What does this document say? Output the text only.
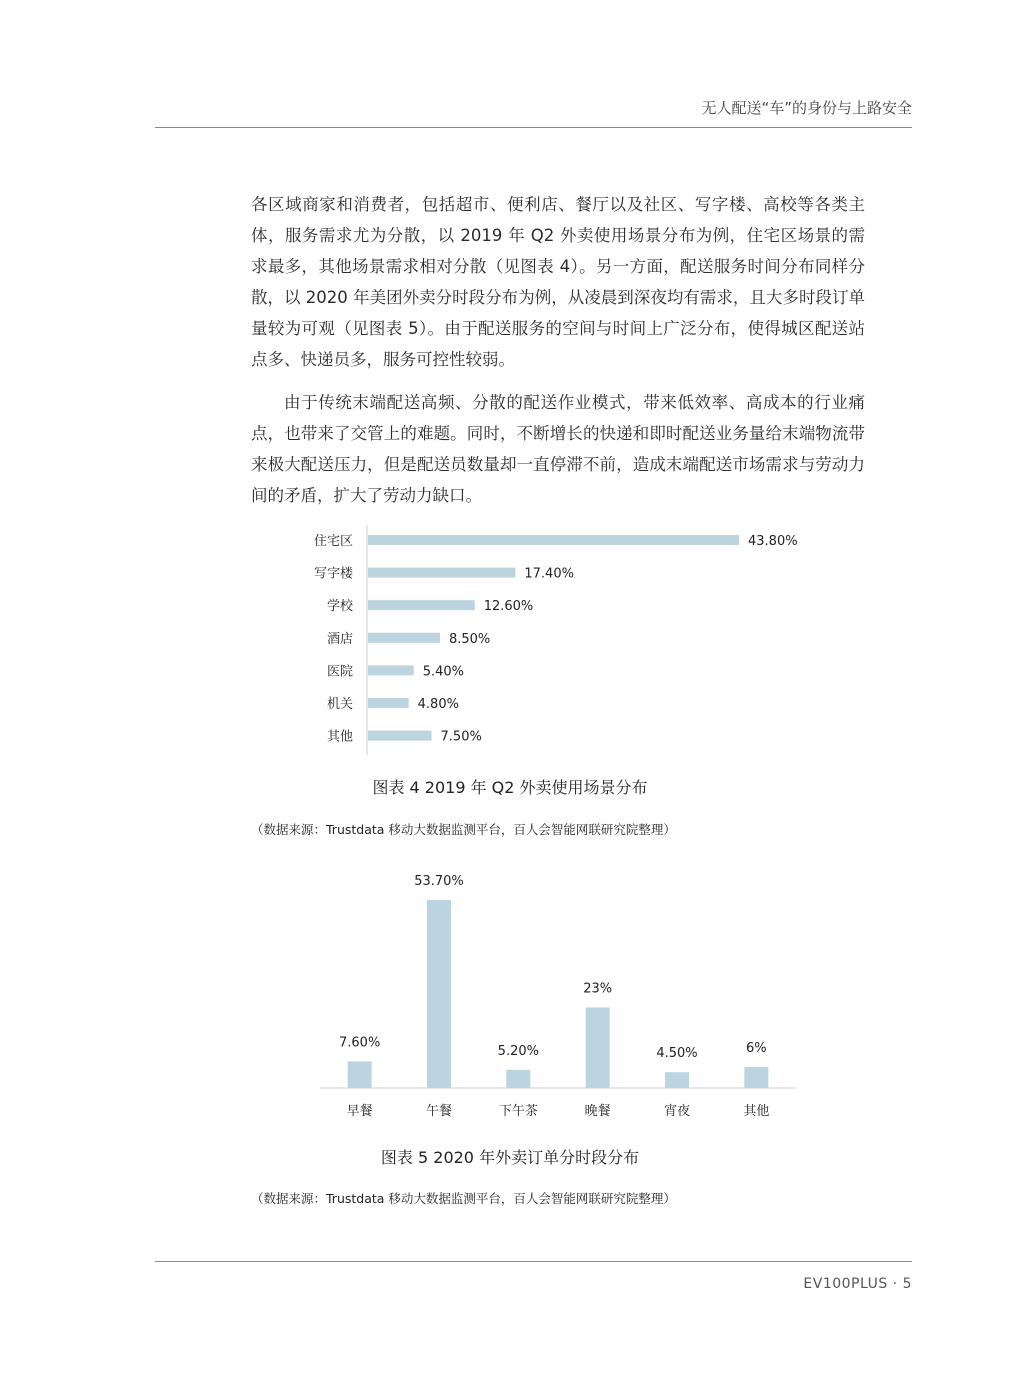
无人配送“车”的身份与上路安全

各区域商家和消费者，包括超市、便利店、餐厅以及社区、写字楼、高校等各类主体，服务需求尤为分散，以 2019 年 Q2 外卖使用场景分布为例，住宅区场景的需求最多，其他场景需求相对分散（见图表 4）。另一方面，配送服务时间分布同样分散，以 2020 年美团外卖分时段分布为例，从凌晨到深夜均有需求，且大多时段订单量较为可观（见图表 5）。由于配送服务的空间与时间上广泛分布，使得城区配送站点多、快递员多，服务可控性较弱。

由于传统末端配送高频、分散的配送作业模式，带来低效率、高成本的行业痛点，也带来了交管上的难题。同时，不断增长的快递和即时配送业务量给末端物流带来极大配送压力，但是配送员数量却一直停滞不前，造成末端配送市场需求与劳动力间的矛盾，扩大了劳动力缺口。

住宅区	43.80%
写字楼	17.40%
学校	12.60%
酒店	8.50%
医院	5.40%
机关	4.80%
其他	7.50%

图表 4 2019 年 Q2 外卖使用场景分布

（数据来源：Trustdata 移动大数据监测平台，百人会智能网联研究院整理）

7.60%
早餐
53.70%
午餐
5.20%
下午茶
23%
晚餐
4.50%
宵夜
6%
其他

图表 5 2020 年外卖订单分时段分布

（数据来源：Trustdata 移动大数据监测平台，百人会智能网联研究院整理）

EV100PLUS · 5
